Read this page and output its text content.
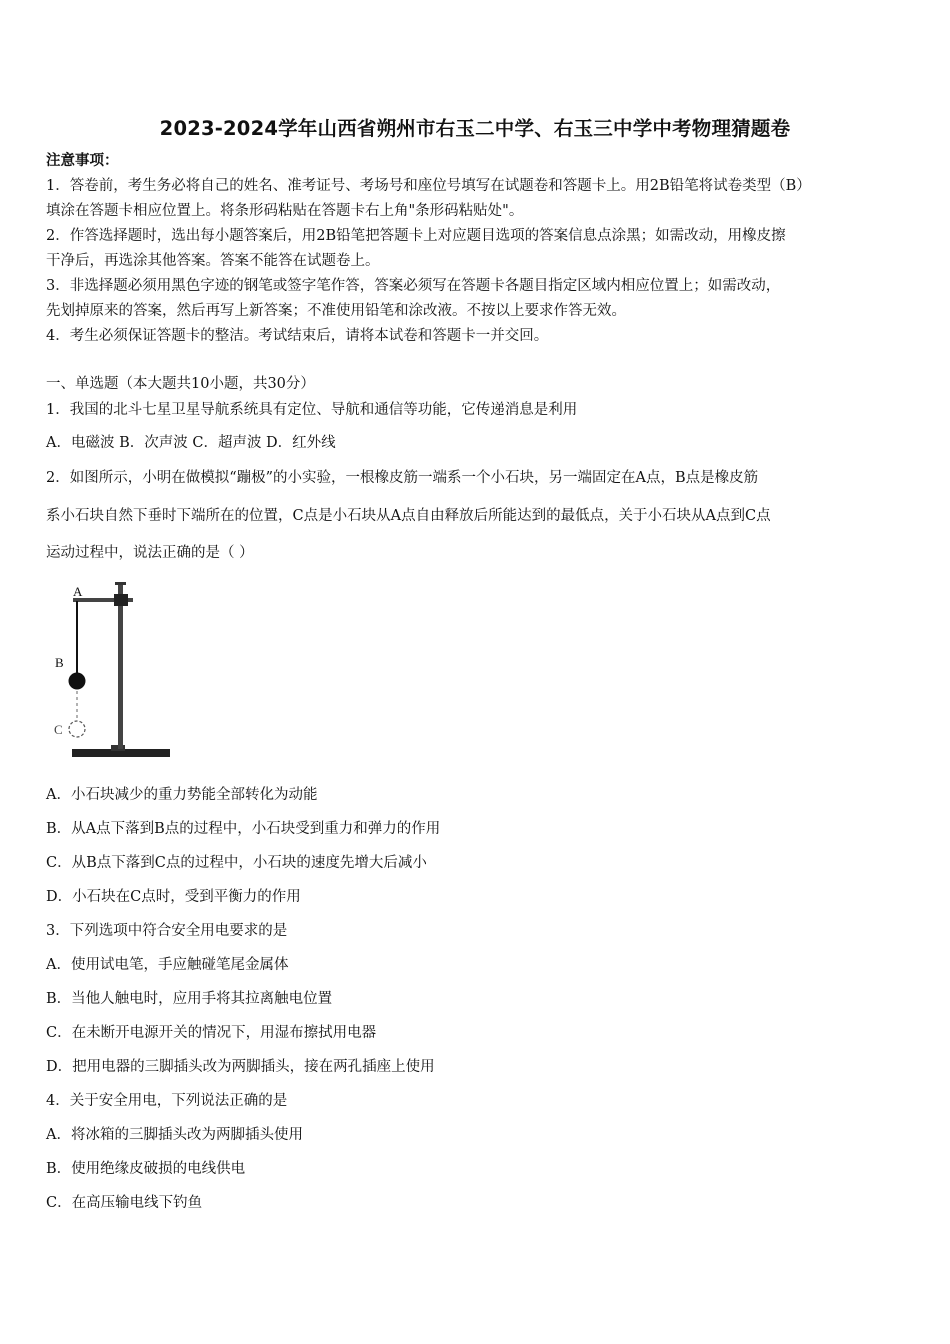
2023-2024学年山西省朔州市右玉二中学、右玉三中学中考物理猜题卷
注意事项：
1．答卷前，考生务必将自己的姓名、准考证号、考场号和座位号填写在试题卷和答题卡上。用2B铅笔将试卷类型（B）
填涂在答题卡相应位置上。将条形码粘贴在答题卡右上角"条形码粘贴处"。
2．作答选择题时，选出每小题答案后，用2B铅笔把答题卡上对应题目选项的答案信息点涂黑；如需改动，用橡皮擦
干净后，再选涂其他答案。答案不能答在试题卷上。
3．非选择题必须用黑色字迹的钢笔或签字笔作答，答案必须写在答题卡各题目指定区域内相应位置上；如需改动，
先划掉原来的答案，然后再写上新答案；不准使用铅笔和涂改液。不按以上要求作答无效。
4．考生必须保证答题卡的整洁。考试结束后，请将本试卷和答题卡一并交回。
一、单选题（本大题共10小题，共30分）
1．我国的北斗七星卫星导航系统具有定位、导航和通信等功能，它传递消息是利用
A．电磁波 B．次声波 C．超声波 D．红外线
2．如图所示，小明在做模拟“蹦极”的小实验，一根橡皮筋一端系一个小石块，另一端固定在A点，B点是橡皮筋
系小石块自然下垂时下端所在的位置，C点是小石块从A点自由释放后所能达到的最低点，关于小石块从A点到C点
运动过程中，说法正确的是（ ）
A
B
C
A．小石块减少的重力势能全部转化为动能
B．从A点下落到B点的过程中，小石块受到重力和弹力的作用
C．从B点下落到C点的过程中，小石块的速度先增大后减小
D．小石块在C点时，受到平衡力的作用
3．下列选项中符合安全用电要求的是
A．使用试电笔，手应触碰笔尾金属体
B．当他人触电时，应用手将其拉离触电位置
C．在未断开电源开关的情况下，用湿布擦拭用电器
D．把用电器的三脚插头改为两脚插头，接在两孔插座上使用
4．关于安全用电，下列说法正确的是
A．将冰箱的三脚插头改为两脚插头使用
B．使用绝缘皮破损的电线供电
C．在高压输电线下钓鱼
